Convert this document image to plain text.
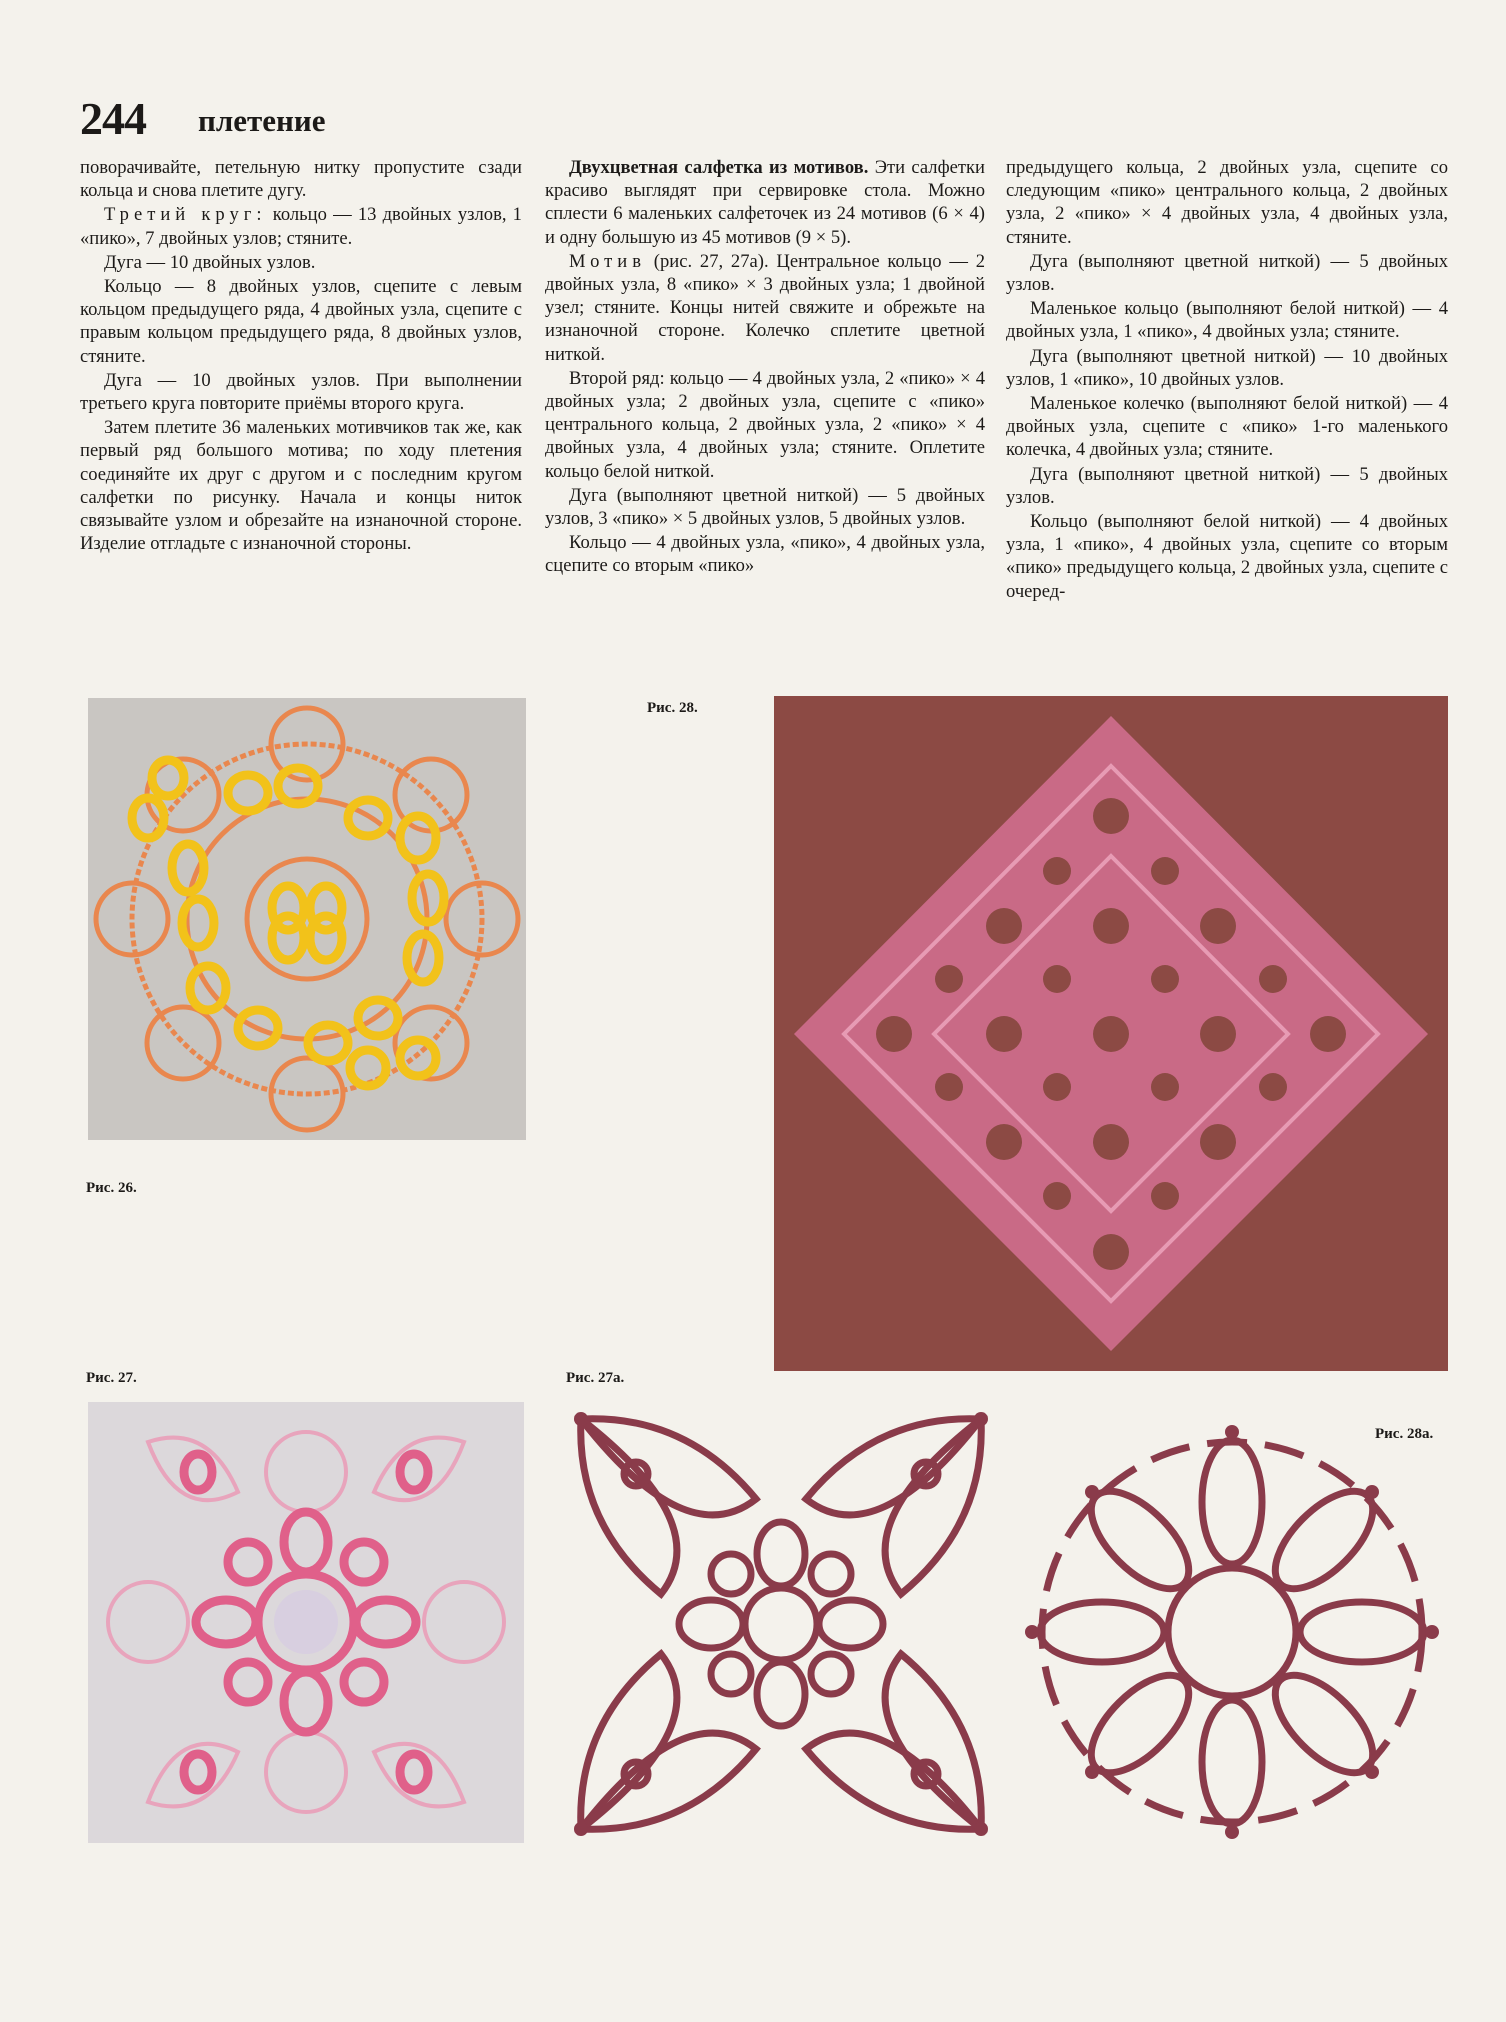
244 плетение

поворачивайте, петельную нитку пропустите сзади кольца и снова плетите дугу.

Третий круг: кольцо — 13 двойных узлов, 1 «пико», 7 двойных узлов; стяните.

Дуга — 10 двойных узлов.

Кольцо — 8 двойных узлов, сцепите с левым кольцом предыдущего ряда, 4 двойных узла, сцепите с правым кольцом предыдущего ряда, 8 двойных узлов, стяните.

Дуга — 10 двойных узлов. При выполнении третьего круга повторите приёмы второго круга.

Затем плетите 36 маленьких мотивчиков так же, как первый ряд большого мотива; по ходу плетения соединяйте их друг с другом и с последним кругом салфетки по рисунку. Начала и концы ниток связывайте узлом и обрезайте на изнаночной стороне. Изделие отгладьте с изнаночной стороны.

Двухцветная салфетка из мотивов. Эти салфетки красиво выглядят при сервировке стола. Можно сплести 6 маленьких салфеточек из 24 мотивов (6 × 4) и одну большую из 45 мотивов (9 × 5).

Мотив (рис. 27, 27а). Центральное кольцо — 2 двойных узла, 8 «пико» × 3 двойных узла; 1 двойной узел; стяните. Концы нитей свяжите и обрежьте на изнаночной стороне. Колечко сплетите цветной ниткой.

Второй ряд: кольцо — 4 двойных узла, 2 «пико» × 4 двойных узла; 2 двойных узла, сцепите с «пико» центрального кольца, 2 двойных узла, 2 «пико» × 4 двойных узла, 4 двойных узла; стяните. Оплетите кольцо белой ниткой.

Дуга (выполняют цветной ниткой) — 5 двойных узлов, 3 «пико» × 5 двойных узлов, 5 двойных узлов.

Кольцо — 4 двойных узла, «пико», 4 двойных узла, сцепите со вторым «пико»

предыдущего кольца, 2 двойных узла, сцепите со следующим «пико» центрального кольца, 2 двойных узла, 2 «пико» × 4 двойных узла, 4 двойных узла, стяните.

Дуга (выполняют цветной ниткой) — 5 двойных узлов.

Маленькое кольцо (выполняют белой ниткой) — 4 двойных узла, 1 «пико», 4 двойных узла; стяните.

Дуга (выполняют цветной ниткой) — 10 двойных узлов, 1 «пико», 10 двойных узлов.

Маленькое колечко (выполняют белой ниткой) — 4 двойных узла, сцепите с «пико» 1-го маленького колечка, 4 двойных узла; стяните.

Дуга (выполняют цветной ниткой) — 5 двойных узлов.

Кольцо (выполняют белой ниткой) — 4 двойных узла, 1 «пико», 4 двойных узла, сцепите со вторым «пико» предыдущего кольца, 2 двойных узла, сцепите с очеред-

Рис. 26.
Рис. 28.
Рис. 27.	Рис. 27а.
Рис. 28а.
